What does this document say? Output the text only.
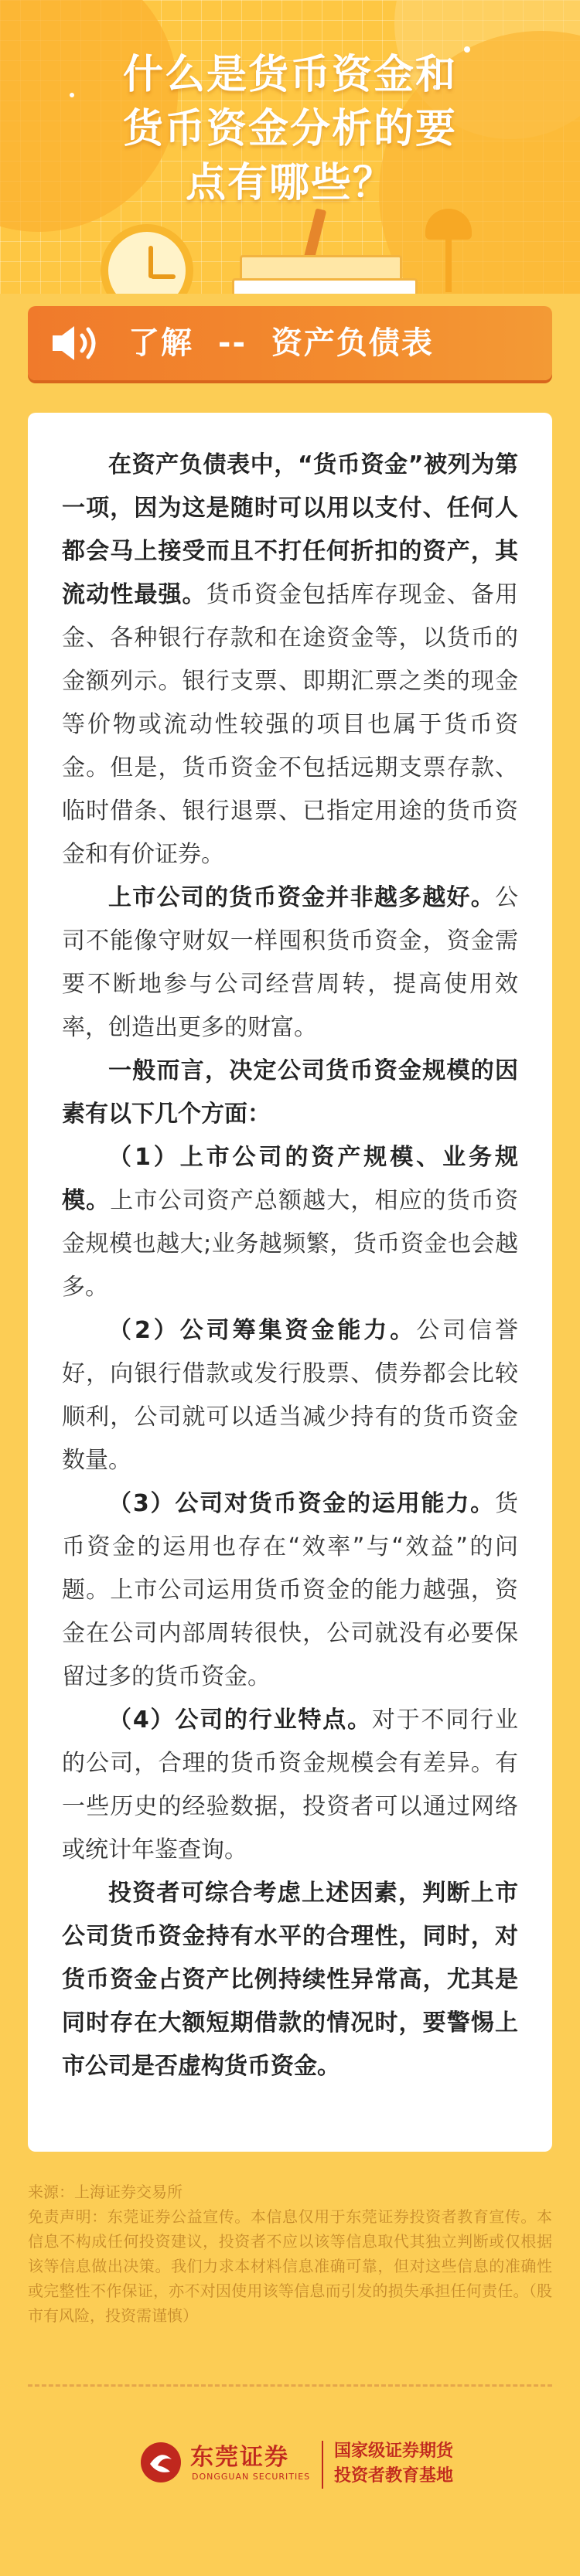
什么是货币资金和
货币资金分析的要
点有哪些？
了解  --  资产负债表

在资产负债表中，“货币资金”被列为第一项，因为这是随时可以用以支付、任何人都会马上接受而且不打任何折扣的资产，其流动性最强。货币资金包括库存现金、备用金、各种银行存款和在途资金等，以货币的金额列示。银行支票、即期汇票之类的现金等价物或流动性较强的项目也属于货币资金。但是，货币资金不包括远期支票存款、临时借条、银行退票、已指定用途的货币资金和有价证券。

上市公司的货币资金并非越多越好。公司不能像守财奴一样囤积货币资金，资金需要不断地参与公司经营周转，提高使用效率，创造出更多的财富。

一般而言，决定公司货币资金规模的因素有以下几个方面：

（1）上市公司的资产规模、业务规模。上市公司资产总额越大，相应的货币资金规模也越大;业务越频繁，货币资金也会越多。

（2）公司筹集资金能力。公司信誉好，向银行借款或发行股票、债券都会比较顺利，公司就可以适当减少持有的货币资金数量。

（3）公司对货币资金的运用能力。货币资金的运用也存在“效率”与“效益”的问题。上市公司运用货币资金的能力越强，资金在公司内部周转很快，公司就没有必要保留过多的货币资金。

（4）公司的行业特点。对于不同行业的公司，合理的货币资金规模会有差异。有一些历史的经验数据，投资者可以通过网络或统计年鉴查询。

投资者可综合考虑上述因素，判断上市公司货币资金持有水平的合理性，同时，对货币资金占资产比例持续性异常高，尤其是同时存在大额短期借款的情况时，要警惕上市公司是否虚构货币资金。

来源：上海证券交易所
免责声明：东莞证券公益宣传。本信息仅用于东莞证券投资者教育宣传。本信息不构成任何投资建议，投资者不应以该等信息取代其独立判断或仅根据该等信息做出决策。我们力求本材料信息准确可靠，但对这些信息的准确性或完整性不作保证，亦不对因使用该等信息而引发的损失承担任何责任。（股市有风险，投资需谨慎）
东莞证券
DONGGUAN SECURITIES
国家级证券期货
投资者教育基地
